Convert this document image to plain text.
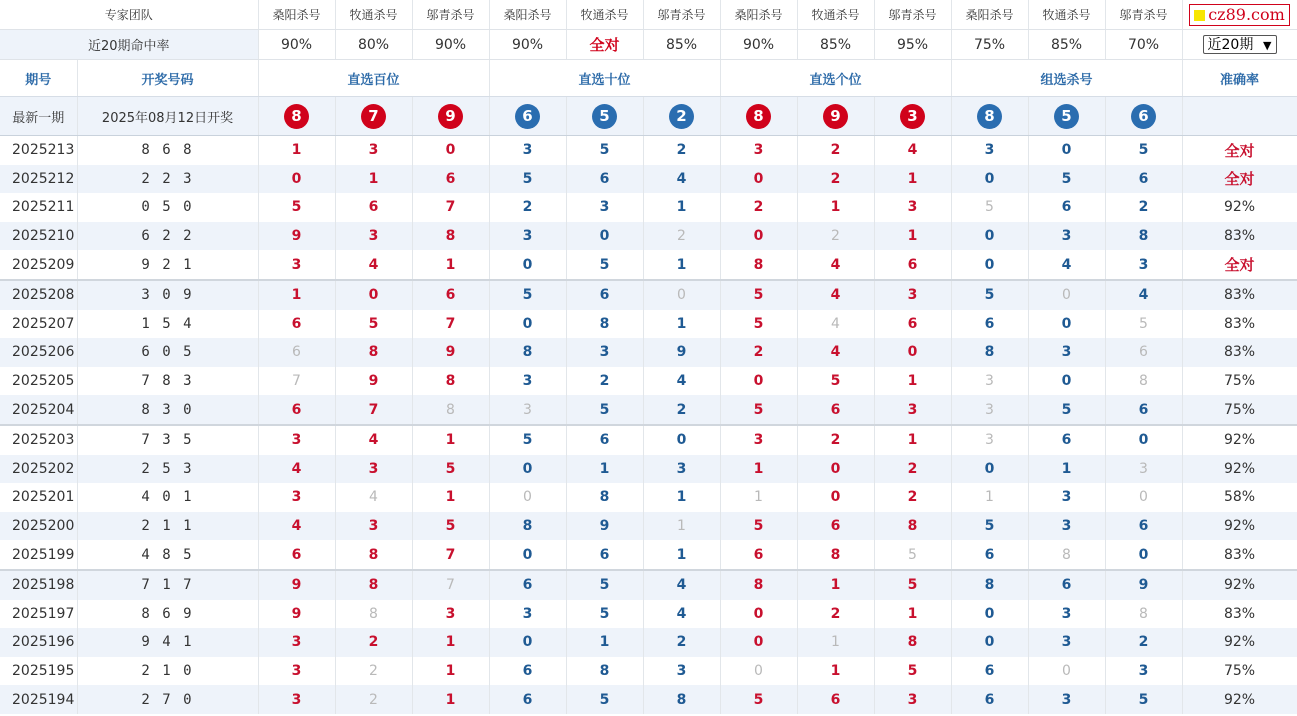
专家团队		桑阳杀号	牧通杀号	邬青杀号	桑阳杀号	牧通杀号	邬青杀号	桑阳杀号	牧通杀号	邬青杀号	桑阳杀号	牧通杀号	邬青杀号	cz89.com
近20期命中率		90%	80%	90%	90%	全对	85%	90%	85%	95%	75%	85%	70%	近20期 ▼

期号	开奖号码	直选百位			直选十位			直选个位			组选杀号			准确率
最新一期	2025年08月12日开奖	8	7	9	6	5	2	8	9	3	8	5	6	
2025213	8 6 8	1	3	0	3	5	2	3	2	4	3	0	5	全对
2025212	2 2 3	0	1	6	5	6	4	0	2	1	0	5	6	全对
2025211	0 5 0	5	6	7	2	3	1	2	1	3	5	6	2	92%
2025210	6 2 2	9	3	8	3	0	2	0	2	1	0	3	8	83%
2025209	9 2 1	3	4	1	0	5	1	8	4	6	0	4	3	全对
2025208	3 0 9	1	0	6	5	6	0	5	4	3	5	0	4	83%
2025207	1 5 4	6	5	7	0	8	1	5	4	6	6	0	5	83%
2025206	6 0 5	6	8	9	8	3	9	2	4	0	8	3	6	83%
2025205	7 8 3	7	9	8	3	2	4	0	5	1	3	0	8	75%
2025204	8 3 0	6	7	8	3	5	2	5	6	3	3	5	6	75%
2025203	7 3 5	3	4	1	5	6	0	3	2	1	3	6	0	92%
2025202	2 5 3	4	3	5	0	1	3	1	0	2	0	1	3	92%
2025201	4 0 1	3	4	1	0	8	1	1	0	2	1	3	0	58%
2025200	2 1 1	4	3	5	8	9	1	5	6	8	5	3	6	92%
2025199	4 8 5	6	8	7	0	6	1	6	8	5	6	8	0	83%
2025198	7 1 7	9	8	7	6	5	4	8	1	5	8	6	9	92%
2025197	8 6 9	9	8	3	3	5	4	0	2	1	0	3	8	83%
2025196	9 4 1	3	2	1	0	1	2	0	1	8	0	3	2	92%
2025195	2 1 0	3	2	1	6	8	3	0	1	5	6	0	3	75%
2025194	2 7 0	3	2	1	6	5	8	5	6	3	6	3	5	92%
